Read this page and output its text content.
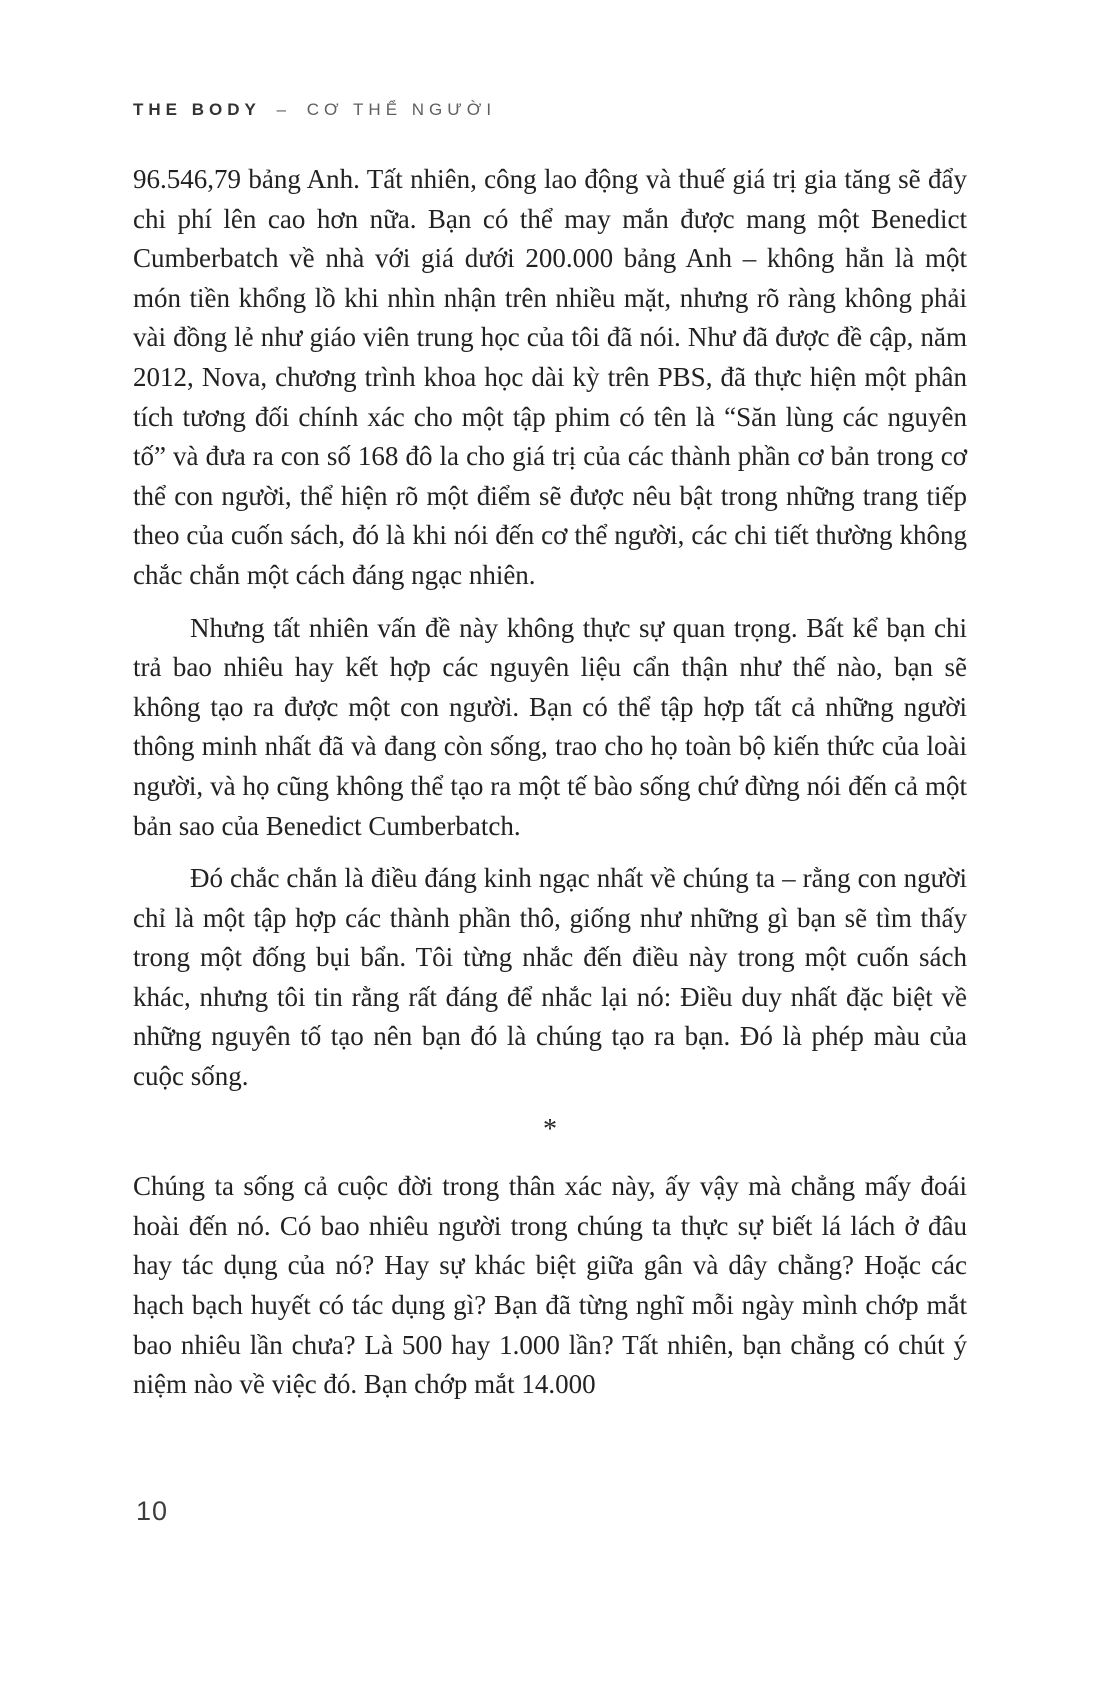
THE BODY – CƠ THỂ NGƯỜI

96.546,79 bảng Anh. Tất nhiên, công lao động và thuế giá trị gia tăng sẽ đẩy chi phí lên cao hơn nữa. Bạn có thể may mắn được mang một Benedict Cumberbatch về nhà với giá dưới 200.000 bảng Anh – không hẳn là một món tiền khổng lồ khi nhìn nhận trên nhiều mặt, nhưng rõ ràng không phải vài đồng lẻ như giáo viên trung học của tôi đã nói. Như đã được đề cập, năm 2012, Nova, chương trình khoa học dài kỳ trên PBS, đã thực hiện một phân tích tương đối chính xác cho một tập phim có tên là “Săn lùng các nguyên tố” và đưa ra con số 168 đô la cho giá trị của các thành phần cơ bản trong cơ thể con người, thể hiện rõ một điểm sẽ được nêu bật trong những trang tiếp theo của cuốn sách, đó là khi nói đến cơ thể người, các chi tiết thường không chắc chắn một cách đáng ngạc nhiên.

Nhưng tất nhiên vấn đề này không thực sự quan trọng. Bất kể bạn chi trả bao nhiêu hay kết hợp các nguyên liệu cẩn thận như thế nào, bạn sẽ không tạo ra được một con người. Bạn có thể tập hợp tất cả những người thông minh nhất đã và đang còn sống, trao cho họ toàn bộ kiến thức của loài người, và họ cũng không thể tạo ra một tế bào sống chứ đừng nói đến cả một bản sao của Benedict Cumberbatch.

Đó chắc chắn là điều đáng kinh ngạc nhất về chúng ta – rằng con người chỉ là một tập hợp các thành phần thô, giống như những gì bạn sẽ tìm thấy trong một đống bụi bẩn. Tôi từng nhắc đến điều này trong một cuốn sách khác, nhưng tôi tin rằng rất đáng để nhắc lại nó: Điều duy nhất đặc biệt về những nguyên tố tạo nên bạn đó là chúng tạo ra bạn. Đó là phép màu của cuộc sống.

*

Chúng ta sống cả cuộc đời trong thân xác này, ấy vậy mà chẳng mấy đoái hoài đến nó. Có bao nhiêu người trong chúng ta thực sự biết lá lách ở đâu hay tác dụng của nó? Hay sự khác biệt giữa gân và dây chằng? Hoặc các hạch bạch huyết có tác dụng gì? Bạn đã từng nghĩ mỗi ngày mình chớp mắt bao nhiêu lần chưa? Là 500 hay 1.000 lần? Tất nhiên, bạn chẳng có chút ý niệm nào về việc đó. Bạn chớp mắt 14.000

10
